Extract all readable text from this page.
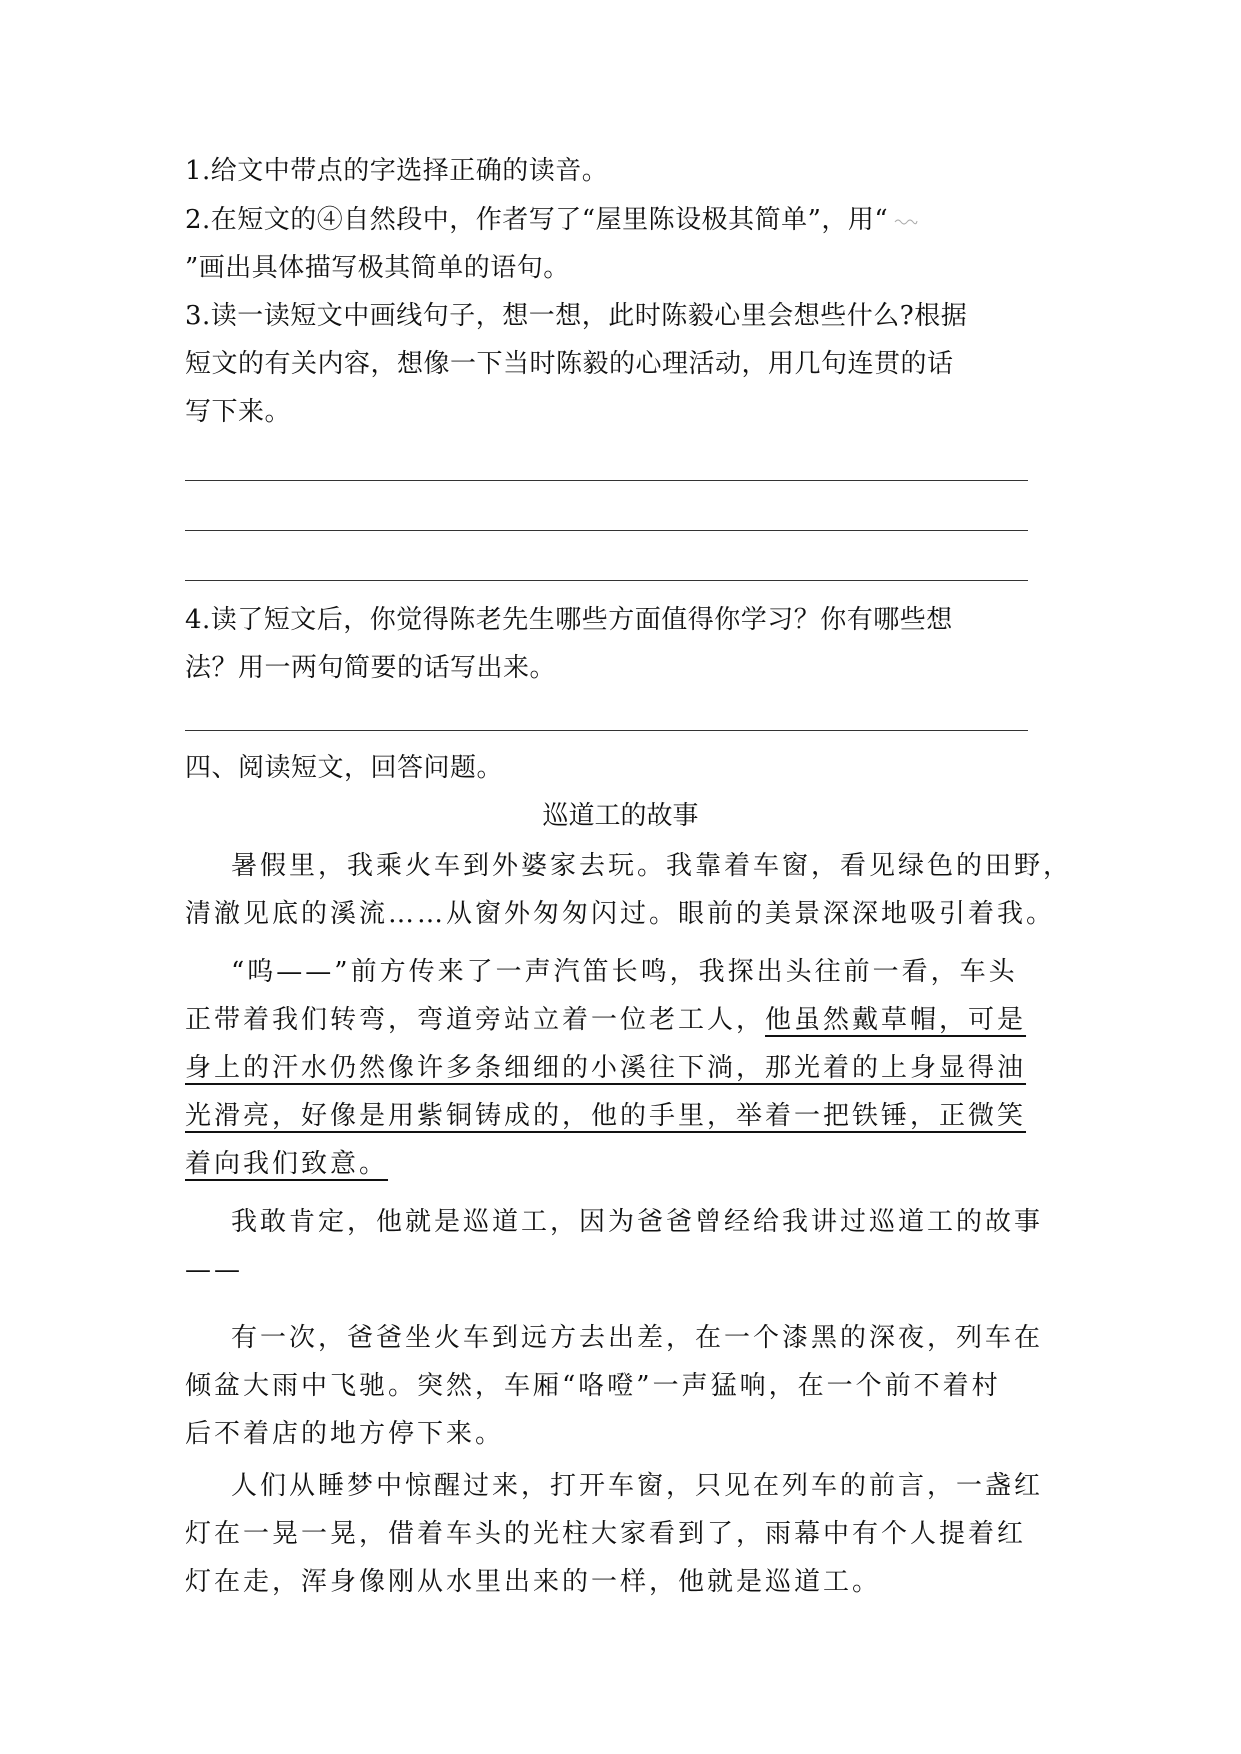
1.给文中带点的字选择正确的读音。
2.在短文的④自然段中，作者写了“屋里陈设极其简单”，用“
”画出具体描写极其简单的语句。
3.读一读短文中画线句子，想一想，此时陈毅心里会想些什么?根据
短文的有关内容，想像一下当时陈毅的心理活动，用几句连贯的话
写下来。
4.读了短文后，你觉得陈老先生哪些方面值得你学习？你有哪些想
法？用一两句简要的话写出来。
四、阅读短文，回答问题。
巡道工的故事
暑假里，我乘火车到外婆家去玩。我靠着车窗，看见绿色的田野，
清澈见底的溪流……从窗外匆匆闪过。眼前的美景深深地吸引着我。
“呜——”前方传来了一声汽笛长鸣，我探出头往前一看，车头
正带着我们转弯，弯道旁站立着一位老工人，他虽然戴草帽，可是
身上的汗水仍然像许多条细细的小溪往下淌，那光着的上身显得油
光滑亮，好像是用紫铜铸成的，他的手里，举着一把铁锤，正微笑
着向我们致意。
我敢肯定，他就是巡道工，因为爸爸曾经给我讲过巡道工的故事
——
有一次，爸爸坐火车到远方去出差，在一个漆黑的深夜，列车在
倾盆大雨中飞驰。突然，车厢“咯噔”一声猛响，在一个前不着村
后不着店的地方停下来。
人们从睡梦中惊醒过来，打开车窗，只见在列车的前言，一盏红
灯在一晃一晃，借着车头的光柱大家看到了，雨幕中有个人提着红
灯在走，浑身像刚从水里出来的一样，他就是巡道工。
